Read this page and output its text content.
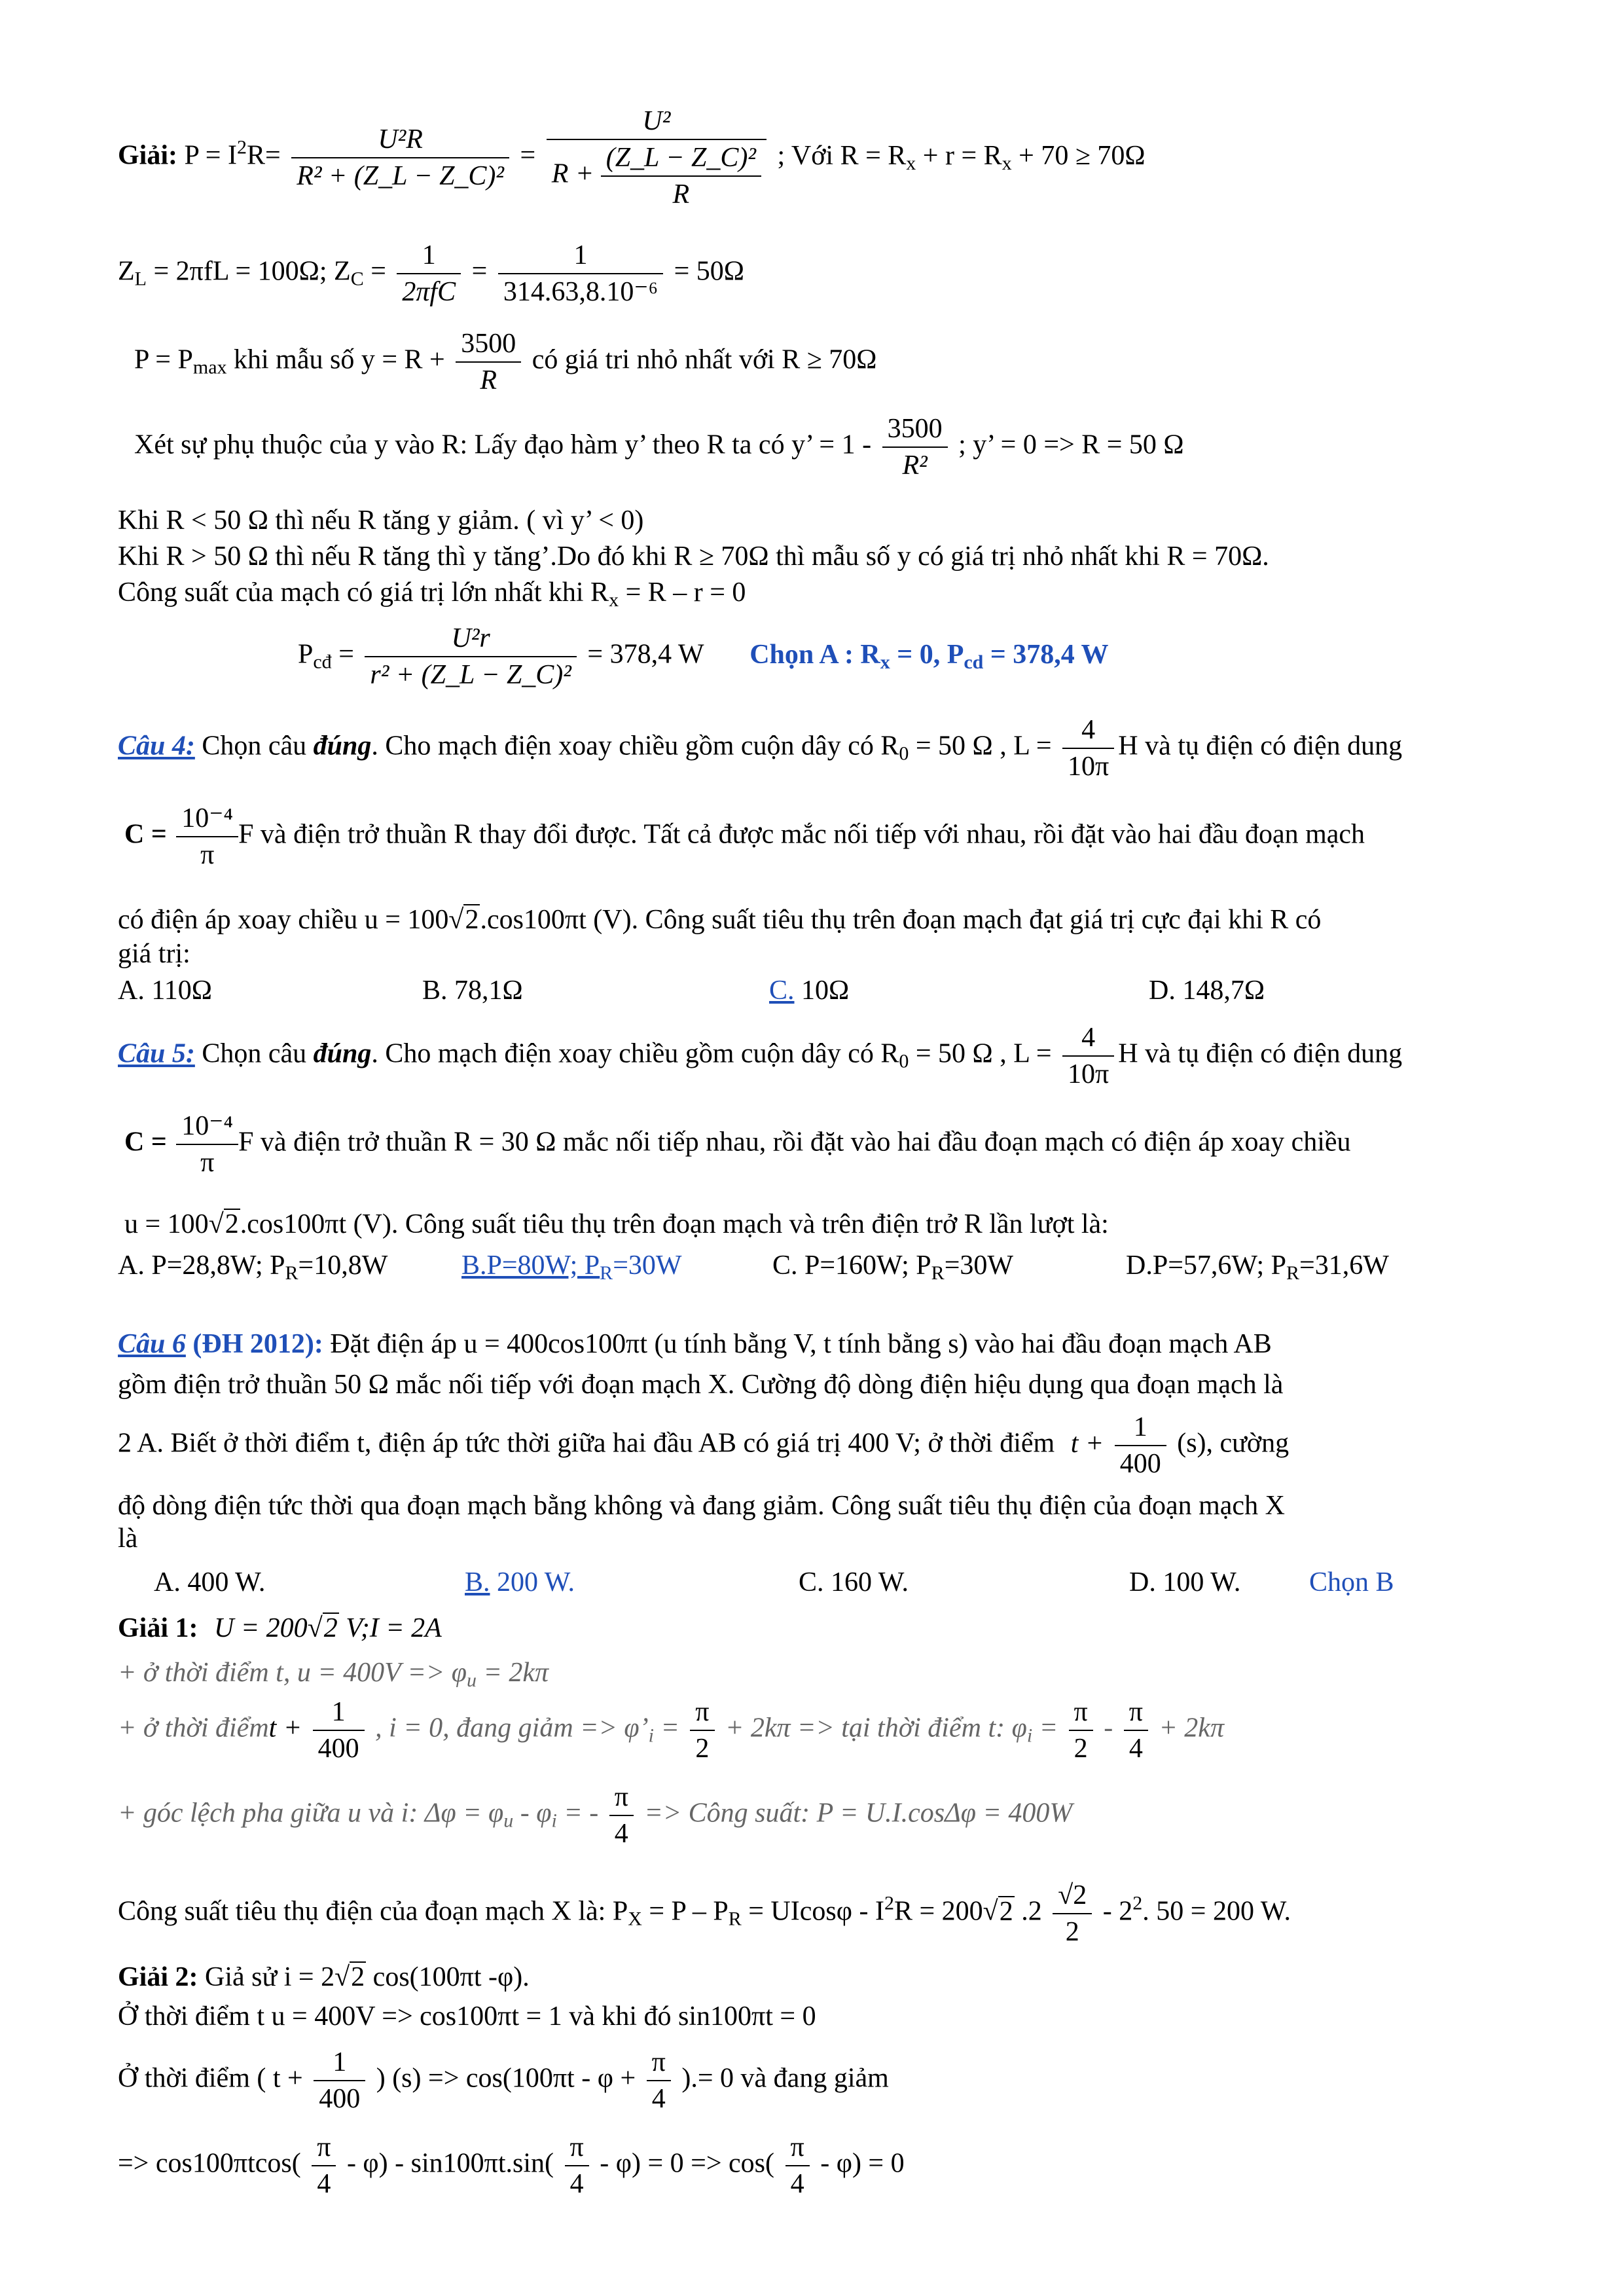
Giải: $P = I^2R= \frac{\text{U²R}}{\text{R² + (Z\_L − Z\_C)²}} = \frac{\text{U²}}{R + \frac{\text{(Z\_L − Z\_C)²}}{R}}$ ; Với $R = R_x + r = R_x + 70 \ge 70\Omega$
$Z_L = 2\pi fL = 100\Omega$; $Z_C$ =
1
2πfC
= $\frac{1}{\text{314.63,8.10⁻⁶}} = 50\Omega$
$P = P_{max}$ khi mẫu số $y = R + \frac{3500}{R}$ có giá tri nhỏ nhất với R ≥ 70Ω
Xét sự phụ thuộc của y vào R: Lấy đạo hàm y’ theo R ta có y’ = $1 - \frac{3500}{\text{R²}}$ ; y’ = 0 => R = 50 Ω
Khi R < 50 Ω thì nếu R tăng y giảm. ( vì y’ < 0)
Khi R > 50 Ω thì nếu R tăng thì y tăng’.Do đó khi R ≥ 70Ω thì mẫu số y có giá trị nhỏ nhất khi R = 70Ω.
Công suất của mạch có giá trị lớn nhất khi $R_x = R - r = 0$
$P_{cđ} = \frac{\text{U²r}}{\text{r² + (Z\_L − Z\_C)²}} = 378,4$ W Chọn A : $R_x = 0$, $P_{cd} = 378,4$ W
Câu 4: Chọn câu đúng. Cho mạch điện xoay chiều gồm cuộn dây có $R_0 = 50$ Ω , $L = \frac{4}{10\pi}$ H và tụ điện có điện dung
$C = \frac{\text{10⁻⁴}}{\pi}$ F và điện trở thuần R thay đổi được. Tất cả được mắc nối tiếp với nhau, rồi đặt vào hai đầu đoạn mạch
có điện áp xoay chiều u = 100√2.cos100πt (V). Công suất tiêu thụ trên đoạn mạch đạt giá trị cực đại khi R có
giá trị:
A. 110Ω	B. 78,1Ω	C. 10Ω	D. 148,7Ω
Câu 5: Chọn câu đúng. Cho mạch điện xoay chiều gồm cuộn dây có $R_0 = 50$ Ω , $L = \frac{4}{10\pi}$ H và tụ điện có điện dung
$C = \frac{\text{10⁻⁴}}{\pi}$ F và điện trở thuần R = 30 Ω mắc nối tiếp nhau, rồi đặt vào hai đầu đoạn mạch có điện áp xoay chiều
u = 100√2.cos100πt (V). Công suất tiêu thụ trên đoạn mạch và trên điện trở R lần lượt là:
A. P=28,8W; $P_R=10,8W$	B.P=80W; $P_R=30W$	C. P=160W; $P_R=30W$	D.P=57,6W; $P_R=31,6W$
Câu 6 (ĐH 2012): Đặt điện áp u = 400cos100πt (u tính bằng V, t tính bằng s) vào hai đầu đoạn mạch AB
gồm điện trở thuần 50 Ω mắc nối tiếp với đoạn mạch X. Cường độ dòng điện hiệu dụng qua đoạn mạch là
2 A. Biết ở thời điểm t, điện áp tức thời giữa hai đầu AB có giá trị 400 V; ở thời điểm $t + \frac{1}{400} (s)$, cường
độ dòng điện tức thời qua đoạn mạch bằng không và đang giảm. Công suất tiêu thụ điện của đoạn mạch X
là
A. 400 W.	B. 200 W.	C. 160 W.	D. 100 W. Chọn B
Giải 1: U = 200√2 V;I = 2A
+ ở thời điểm t, $u = 400V => \varphi_u = 2k\pi$
+ ở thời điểmt + $\frac{1}{400}$ , i = 0, đang giảm => $\varphi’_i = \frac{\pi}{2} + 2k\pi$ => tại thời điểm t: $\varphi_i = \frac{\pi}{2} - \frac{\pi}{4} + 2k\pi$
+ góc lệch pha giữa u và i: $\Delta\varphi = \varphi_u - \varphi_i$ = - $\frac{\pi}{4}$ => Công suất: P = U.I.cosΔφ = 400W
Công suất tiêu thụ điện của đoạn mạch X là: $P_X = P - P_R = UIcos\varphi - I^2R = 200√2$ $.2 \frac{√2}{2} - 2^2$. 50 = 200 W.
Giải 2: Giả sử i = 2√2 cos(100πt -φ).
Ở thời điểm t u = 400V => cos100πt = 1 và khi đó sin100πt = 0
Ở thời điểm ( $t + \frac{1}{400}$ ) $(s) => \cos(100\pi t - \varphi + \frac{\pi}{4}$ ).= 0 và đang giảm
=> $\cos 100\pi tcos( \frac{\pi}{4} - \varphi) - \sin 100\pi t.\sin( \frac{\pi}{4} - \varphi) = 0 => \cos( \frac{\pi}{4} - \varphi) = 0$
